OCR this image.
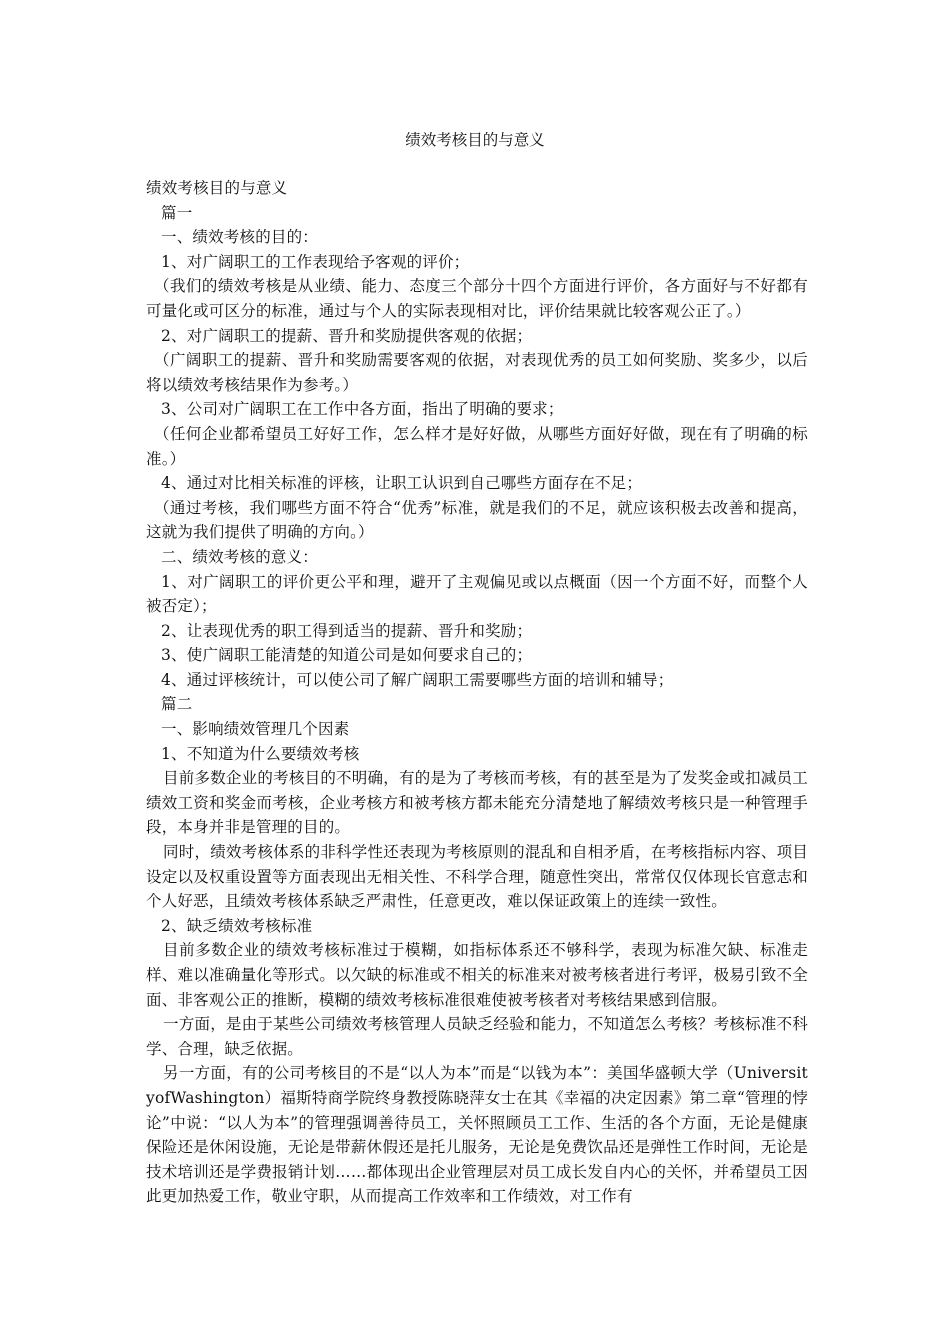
绩效考核目的与意义

绩效考核目的与意义

篇一

一、绩效考核的目的：

1、对广阔职工的工作表现给予客观的评价；

（我们的绩效考核是从业绩、能力、态度三个部分十四个方面进行评价，各方面好与不好都有可量化或可区分的标准，通过与个人的实际表现相对比，评价结果就比较客观公正了。）

2、对广阔职工的提薪、晋升和奖励提供客观的依据；

（广阔职工的提薪、晋升和奖励需要客观的依据，对表现优秀的员工如何奖励、奖多少，以后将以绩效考核结果作为参考。）

3、公司对广阔职工在工作中各方面，指出了明确的要求；

（任何企业都希望员工好好工作，怎么样才是好好做，从哪些方面好好做，现在有了明确的标准。）

4、通过对比相关标准的评核，让职工认识到自己哪些方面存在不足；

（通过考核，我们哪些方面不符合“优秀”标准，就是我们的不足，就应该积极去改善和提高，这就为我们提供了明确的方向。）

二、绩效考核的意义：

1、对广阔职工的评价更公平和理，避开了主观偏见或以点概面（因一个方面不好，而整个人被否定）；

2、让表现优秀的职工得到适当的提薪、晋升和奖励；

3、使广阔职工能清楚的知道公司是如何要求自己的；

4、通过评核统计，可以使公司了解广阔职工需要哪些方面的培训和辅导；

篇二

一、影响绩效管理几个因素

1、不知道为什么要绩效考核

目前多数企业的考核目的不明确，有的是为了考核而考核，有的甚至是为了发奖金或扣减员工绩效工资和奖金而考核，企业考核方和被考核方都未能充分清楚地了解绩效考核只是一种管理手段，本身并非是管理的目的。

同时，绩效考核体系的非科学性还表现为考核原则的混乱和自相矛盾，在考核指标内容、项目设定以及权重设置等方面表现出无相关性、不科学合理，随意性突出，常常仅仅体现长官意志和个人好恶，且绩效考核体系缺乏严肃性，任意更改，难以保证政策上的连续一致性。

2、缺乏绩效考核标准

目前多数企业的绩效考核标准过于模糊，如指标体系还不够科学，表现为标准欠缺、标准走样、难以准确量化等形式。以欠缺的标准或不相关的标准来对被考核者进行考评，极易引致不全面、非客观公正的推断，模糊的绩效考核标准很难使被考核者对考核结果感到信服。

一方面，是由于某些公司绩效考核管理人员缺乏经验和能力，不知道怎么考核？考核标准不科学、合理，缺乏依据。

另一方面，有的公司考核目的不是“以人为本”而是“以钱为本”：美国华盛顿大学（UniversityofWashington）福斯特商学院终身教授陈晓萍女士在其《幸福的决定因素》第二章“管理的悖论”中说：“以人为本”的管理强调善待员工，关怀照顾员工工作、生活的各个方面，无论是健康保险还是休闲设施，无论是带薪休假还是托儿服务，无论是免费饮品还是弹性工作时间，无论是技术培训还是学费报销计划……都体现出企业管理层对员工成长发自内心的关怀，并希望员工因此更加热爱工作，敬业守职，从而提高工作效率和工作绩效，对工作有
